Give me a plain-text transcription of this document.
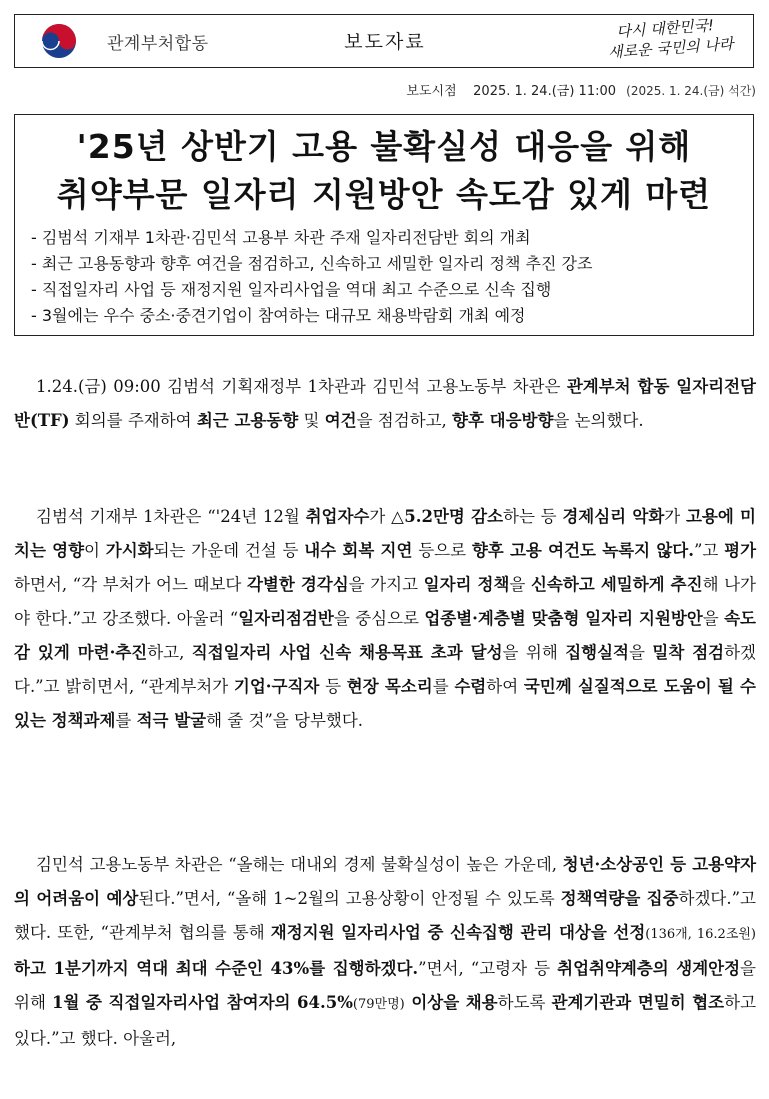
관계부처합동	보도자료
다시 대한민국!
새로운 국민의 나라
보도시점 2025. 1. 24.(금) 11:00 (2025. 1. 24.(금) 석간)
'25년 상반기 고용 불확실성 대응을 위해
취약부문 일자리 지원방안 속도감 있게 마련
- 김범석 기재부 1차관·김민석 고용부 차관 주재 일자리전담반 회의 개최
- 최근 고용동향과 향후 여건을 점검하고, 신속하고 세밀한 일자리 정책 추진 강조
- 직접일자리 사업 등 재정지원 일자리사업을 역대 최고 수준으로 신속 집행
- 3월에는 우수 중소·중견기업이 참여하는 대규모 채용박람회 개최 예정

1.24.(금) 09:00 김범석 기획재정부 1차관과 김민석 고용노동부 차관은 관계부처 합동 일자리전담반(TF) 회의를 주재하여 최근 고용동향 및 여건을 점검하고, 향후 대응방향을 논의했다.

김범석 기재부 1차관은 “'24년 12월 취업자수가 △5.2만명 감소하는 등 경제심리 악화가 고용에 미치는 영향이 가시화되는 가운데 건설 등 내수 회복 지연 등으로 향후 고용 여건도 녹록지 않다.”고 평가하면서, “각 부처가 어느 때보다 각별한 경각심을 가지고 일자리 정책을 신속하고 세밀하게 추진해 나가야 한다.”고 강조했다. 아울러 “일자리점검반을 중심으로 업종별·계층별 맞춤형 일자리 지원방안을 속도감 있게 마련·추진하고, 직접일자리 사업 신속 채용목표 초과 달성을 위해 집행실적을 밀착 점검하겠다.”고 밝히면서, “관계부처가 기업·구직자 등 현장 목소리를 수렴하여 국민께 실질적으로 도움이 될 수 있는 정책과제를 적극 발굴해 줄 것”을 당부했다.

김민석 고용노동부 차관은 “올해는 대내외 경제 불확실성이 높은 가운데, 청년·소상공인 등 고용약자의 어려움이 예상된다.”면서, “올해 1~2월의 고용상황이 안정될 수 있도록 정책역량을 집중하겠다.”고 했다. 또한, “관계부처 협의를 통해 재정지원 일자리사업 중 신속집행 관리 대상을 선정(136개, 16.2조원)하고 1분기까지 역대 최대 수준인 43%를 집행하겠다.”면서, “고령자 등 취업취약계층의 생계안정을 위해 1월 중 직접일자리사업 참여자의 64.5%(79만명) 이상을 채용하도록 관계기관과 면밀히 협조하고 있다.”고 했다. 아울러,
